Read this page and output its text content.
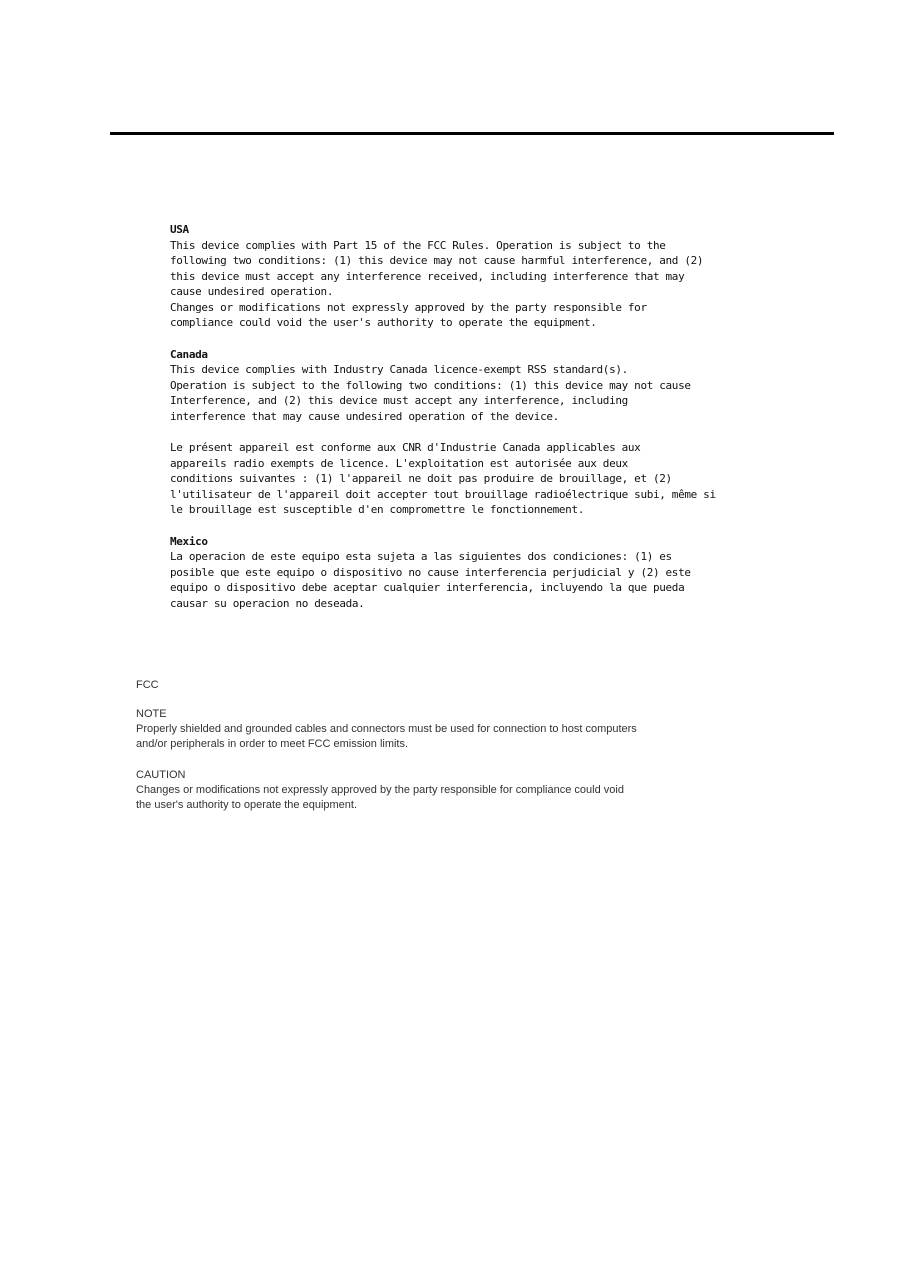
USA

This device complies with Part 15 of the FCC Rules. Operation is subject to the
following two conditions: (1) this device may not cause harmful interference, and (2)
this device must accept any interference received, including interference that may
cause undesired operation.
Changes or modifications not expressly approved by the party responsible for
compliance could void the user's authority to operate the equipment.

Canada

This device complies with Industry Canada licence-exempt RSS standard(s).
Operation is subject to the following two conditions: (1) this device may not cause
Interference, and (2) this device must accept any interference, including
interference that may cause undesired operation of the device.

Le présent appareil est conforme aux CNR d'Industrie Canada applicables aux
appareils radio exempts de licence. L'exploitation est autorisée aux deux
conditions suivantes : (1) l'appareil ne doit pas produire de brouillage, et (2)
l'utilisateur de l'appareil doit accepter tout brouillage radioélectrique subi, même si
le brouillage est susceptible d'en compromettre le fonctionnement.

Mexico

La operacion de este equipo esta sujeta a las siguientes dos condiciones: (1) es
posible que este equipo o dispositivo no cause interferencia perjudicial y (2) este
equipo o dispositivo debe aceptar cualquier interferencia, incluyendo la que pueda
causar su operacion no deseada.

FCC

NOTE

Properly shielded and grounded cables and connectors must be used for connection to host computers
and/or peripherals in order to meet FCC emission limits.

CAUTION

Changes or modifications not expressly approved by the party responsible for compliance could void
the user's authority to operate the equipment.
